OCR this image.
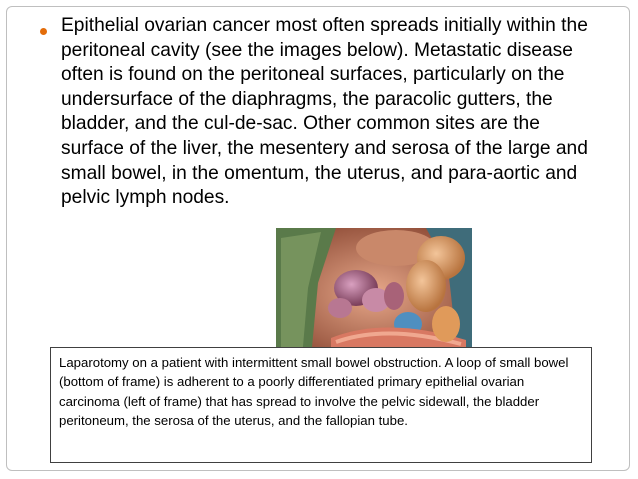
Epithelial ovarian cancer most often spreads initially within the peritoneal cavity (see the images below). Metastatic disease often is found on the peritoneal surfaces, particularly on the undersurface of the diaphragms, the paracolic gutters, the bladder, and the cul-de-sac. Other common sites are the surface of the liver, the mesentery and serosa of the large and small bowel, in the omentum, the uterus, and para-aortic and pelvic lymph nodes.

Laparotomy on a patient with intermittent small bowel obstruction. A loop of small bowel (bottom of frame) is adherent to a poorly differentiated primary epithelial ovarian carcinoma (left of frame) that has spread to involve the pelvic sidewall, the bladder peritoneum, the serosa of the uterus, and the fallopian tube.
